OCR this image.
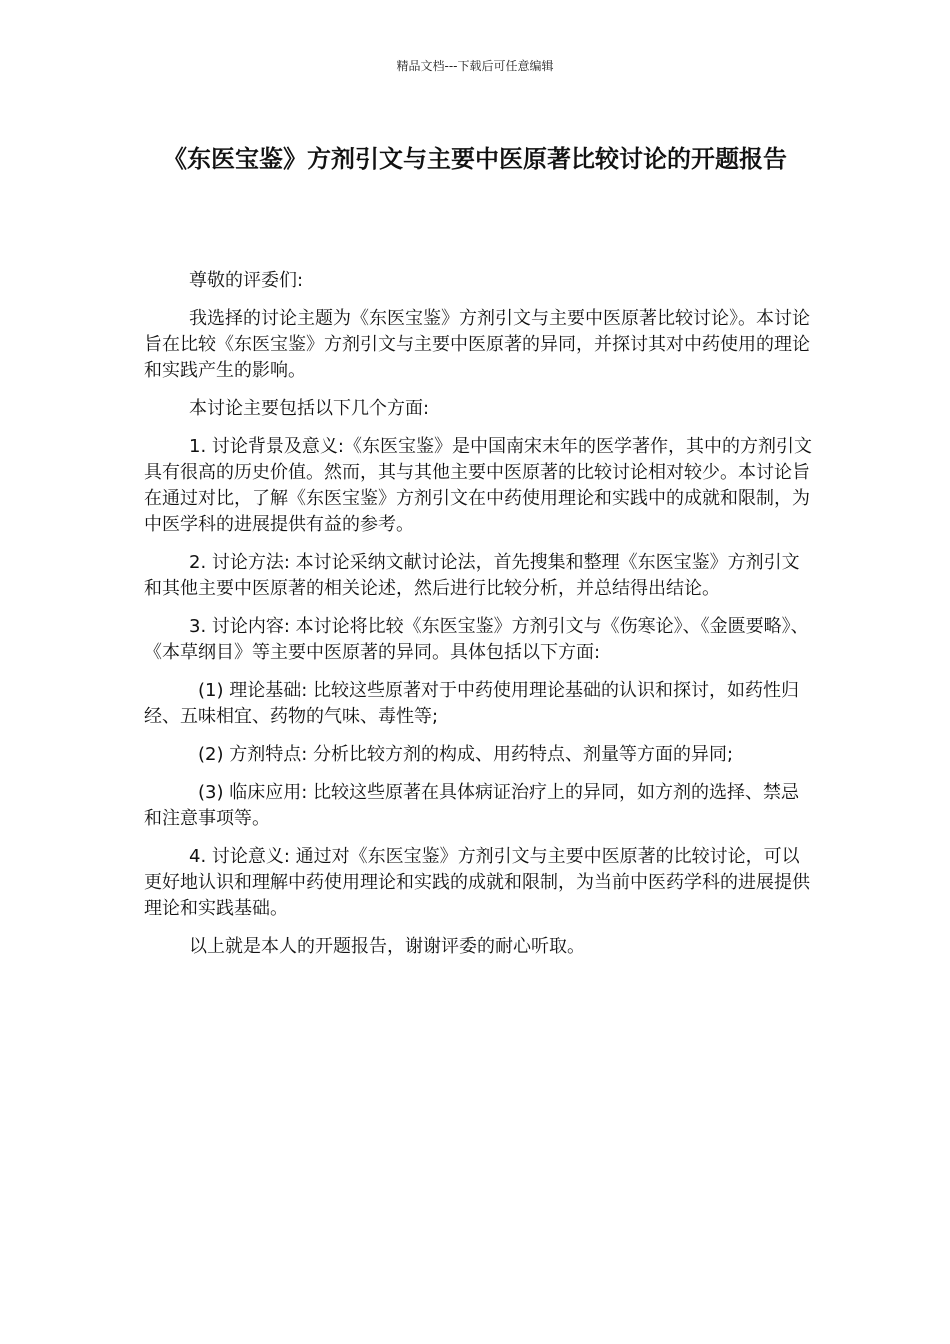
精品文档---下载后可任意编辑
《东医宝鉴》方剂引文与主要中医原著比较讨论的开题报告

尊敬的评委们:

我选择的讨论主题为《东医宝鉴》方剂引文与主要中医原著比较讨论》。本讨论旨在比较《东医宝鉴》方剂引文与主要中医原著的异同，并探讨其对中药使用的理论和实践产生的影响。

本讨论主要包括以下几个方面:

1. 讨论背景及意义:《东医宝鉴》是中国南宋末年的医学著作，其中的方剂引文具有很高的历史价值。然而，其与其他主要中医原著的比较讨论相对较少。本讨论旨在通过对比，了解《东医宝鉴》方剂引文在中药使用理论和实践中的成就和限制，为中医学科的进展提供有益的参考。

2. 讨论方法: 本讨论采纳文献讨论法，首先搜集和整理《东医宝鉴》方剂引文和其他主要中医原著的相关论述，然后进行比较分析，并总结得出结论。

3. 讨论内容: 本讨论将比较《东医宝鉴》方剂引文与《伤寒论》、《金匮要略》、《本草纲目》等主要中医原著的异同。具体包括以下方面:

(1) 理论基础: 比较这些原著对于中药使用理论基础的认识和探讨，如药性归经、五味相宜、药物的气味、毒性等;

(2) 方剂特点: 分析比较方剂的构成、用药特点、剂量等方面的异同;

(3) 临床应用: 比较这些原著在具体病证治疗上的异同，如方剂的选择、禁忌和注意事项等。

4. 讨论意义: 通过对《东医宝鉴》方剂引文与主要中医原著的比较讨论，可以更好地认识和理解中药使用理论和实践的成就和限制，为当前中医药学科的进展提供理论和实践基础。

以上就是本人的开题报告，谢谢评委的耐心听取。
